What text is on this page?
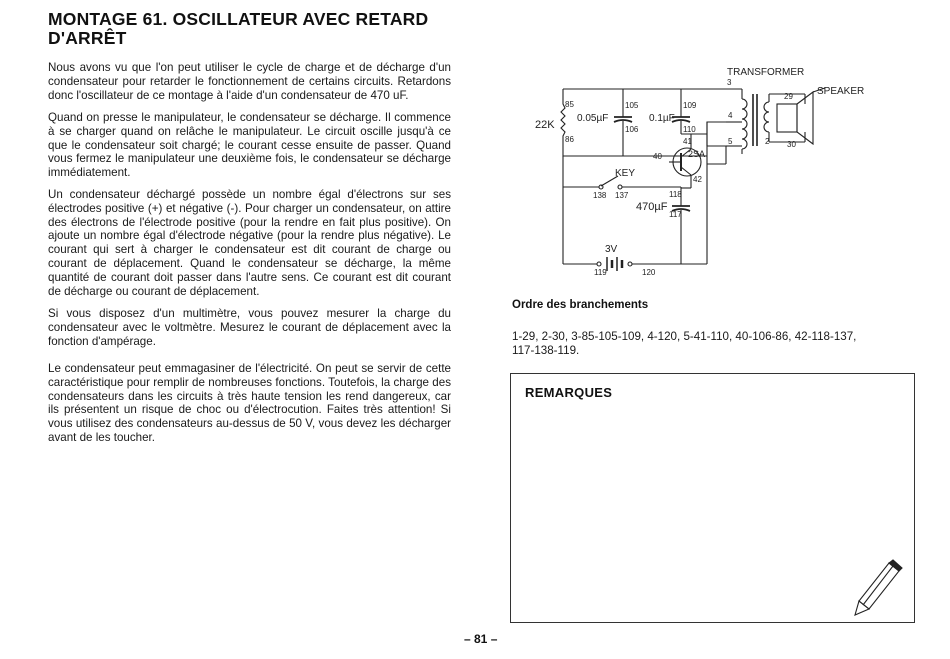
MONTAGE 61. OSCILLATEUR AVEC RETARD
D'ARRÊT

Nous avons vu que l'on peut utiliser le cycle de charge et de décharge d'un condensateur pour retarder le fonctionnement de certains circuits. Retardons donc l'oscillateur de ce montage à l'aide d'un condensateur de 470 uF.

Quand on presse le manipulateur, le condensateur se décharge. Il commence à se charger quand on relâche le manipulateur. Le circuit oscille jusqu'à ce que le condensateur soit chargé; le courant cesse ensuite de passer. Quand vous fermez le manipulateur une deuxième fois, le condensateur se décharge immédiatement.

Un condensateur déchargé possède un nombre égal d'électrons sur ses électrodes positive (+) et négative (-). Pour charger un condensateur, on attire des électrons de l'électrode positive (pour la rendre en fait plus positive). On ajoute un nombre égal d'électrode négative (pour la rendre plus négative). Le courant qui sert à charger le condensateur est dit courant de charge ou courant de déplacement. Quand le condensateur se décharge, la même quantité de courant doit passer dans l'autre sens. Ce courant est dit courant de décharge ou courant de déplacement.

Si vous disposez d'un multimètre, vous pouvez mesurer la charge du condensateur avec le voltmètre. Mesurez le courant de déplacement avec la fonction d'ampérage.

Le condensateur peut emmagasiner de l'électricité. On peut se servir de cette caractéristique pour remplir de nombreuses fonctions. Toutefois, la charge des condensateurs dans les circuits à très haute tension les rend dangereux, car ils présentent un risque de choc ou d'électrocution. Faites très attention! Si vous utilisez des condensateurs au-dessus de 50 V, vous devez les décharger avant de les toucher.

TRANSFORMER
SPEAKER
22K
0.05µF	0.1µF
470µF
2SA
KEY
3V
3
4
5	2
29
30
85
86
105
106
109
110
40
41
42
138 137	118
117
119	120
Ordre des branchements

1-29, 2-30, 3-85-105-109, 4-120, 5-41-110, 40-106-86, 42-118-137,
117-138-119.

REMARQUES

– 81 –
